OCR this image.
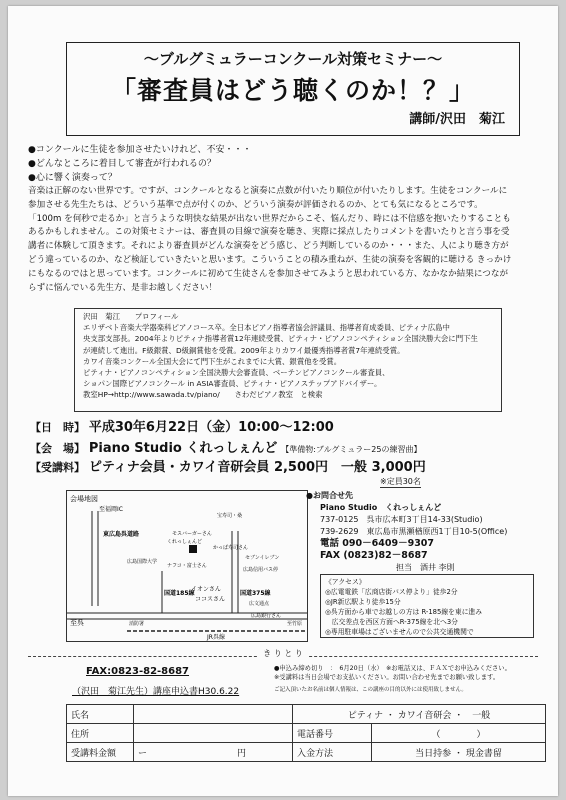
～ブルグミュラーコンクール対策セミナー～
「審査員はどう聴くのか！？」
講師/沢田　菊江
●コンクールに生徒を参加させたいけれど、不安・・・
●どんなところに着目して審査が行われるの？
●心に響く演奏って？
音楽は正解のない世界です。ですが、コンクールとなると演奏に点数が付いたり順位が付いたりします。生徒をコンクールに
参加させる先生たちは、どういう基準で点が付くのか、どういう演奏が評価されるのか、とても気になるところです。
「100m を何秒で走るか」と言うような明快な結果が出ない世界だからこそ、悩んだり、時には不信感を抱いたりすることも
あるかもしれません。この対策セミナーは、審査員の目線で演奏を聴き、実際に採点したりコメントを書いたりと言う事を受
講者に体験して頂きます。それにより審査員がどんな演奏をどう感じ、どう判断しているのか・・・また、人により聴き方が
どう違っているのか、など検証していきたいと思います。こういうことの積み重ねが、生徒の演奏を客観的に聴ける きっかけ
にもなるのではと思っています。コンクールに初めて生徒さんを参加させてみようと思われている方、なかなか結果につなが
らずに悩んでいる先生方、是非お越しください！
沢田　菊江　　プロフィール
エリザベト音楽大学器楽科ピアノコース卒。全日本ピアノ指導者協会評議員、指導者育成委員、ピティナ広島中
央支部支部長。2004年よりピティナ指導者賞12年連続受賞、ピティナ・ピアノコンペティション全国決勝大会に門下生
が連続して進出。F級銀賞、D級銅賞他を受賞。2009年よりカワイ最優秀指導者賞7年連続受賞。
カワイ音楽コンクール全国大会にて門下生がこれまでに大賞、銀賞他を受賞。
ピティナ・ピアノコンペティション全国決勝大会審査員、ベーテンピアノコンクール審査員、
ショパン国際ピアノコンクール in ASIA審査員、ピティナ・ピアノステップアドバイザー。
教室HP→http://www.sawada.tv/piano/　　さわだピアノ教室　と検索
【日　時】 平成30年6月22日（金）10:00～12:00
【会　場】 Piano Studio くれっしぇんど 【準備物:ブルグミュラー25の練習曲】
【受講料】 ピティナ会員・カワイ音研会員 2,500円　一般 3,000円
※定員30名
会場地図
至福岡IC
東広島呉道路
広島国際大学
セブンイレブン
ナフコ・富士さん
モスバーガーさん
くれっしぇんど
広島信用バス停
イオンさん
ココスさん
国道375線
国道185線
広文通点
JR呉線
消防署
至呉	至竹原
広島銀行さん
かっぱ寿司さん
宝寿司・桑
●お問合せ先
Piano Studio　くれっしぇんど
737-0125　呉市広本町3丁目14-33(Studio)
739-2629　東広島市黒瀬楢原西1丁目10-5(Office)
電話 090－6409－9307
FAX (0823)82－8687
担当　酒井 李則
《アクセス》
◎広電電鉄「広商店街バス停より」徒歩2分
◎JR新広駅より徒歩15分
◎呉方面から車でお越しの方は R-185線を東に進み
　広交差点を西区方面へR-375線を北へ3分
◎専用駐車場はございませんので公共交通機関で
き り と り
FAX:0823-82-8687
（沢田　菊江先生）講座申込書H30.6.22
●申込み締め切り　：　6月20日（水）　※お電話又は、ＦＡＸでお申込みください。
※受講料は当日会場でお支払いください。お問い合わせ先までお願い致します。
ご記入頂いたお名前は個人情報は、この講座の目的以外には使用致しません。
氏名		ピティナ ・ カワイ音研会 ・　一般	
住所		電話番号	（　　　　）
受講料金額	ー　　　　　　　　　　円	入金方法	当日持参 ・ 現金書留
